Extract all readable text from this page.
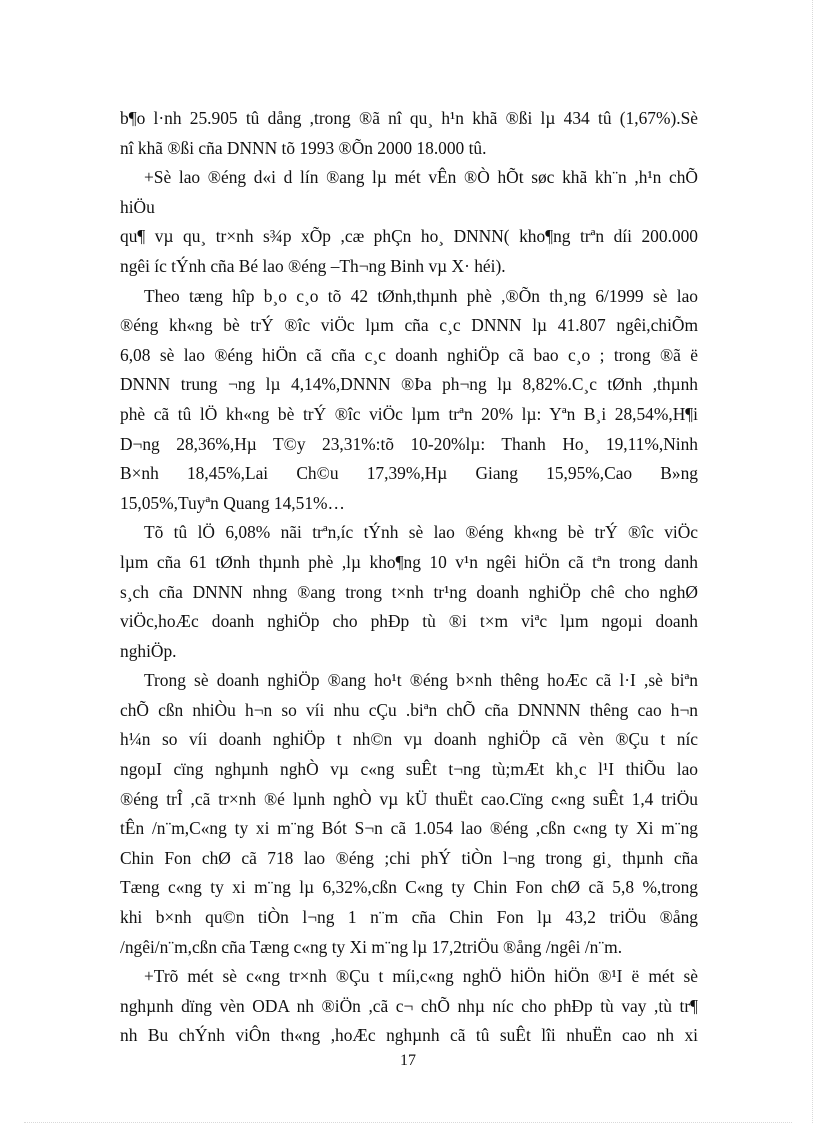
b¶o l·nh 25.905 tû dång ,trong ®ã nî qu¸ h¹n khã ®ßi lµ 434 tû (1,67%).Sè
nî khã ®ßi cña DNNN tõ 1993 ®Õn 2000 18.000 tû.
+Sè lao ®éng d«i d lín ®ang lµ mét vÊn ®Ò hÕt søc khã kh¨n ,h¹n chÕ
hiÖu
qu¶ vµ qu¸ tr×nh s¾p xÕp ,cæ phÇn ho¸ DNNN( kho¶ng trªn díi 200.000
ngêi íc tÝnh cña Bé lao ®éng –Th¬ng Binh vµ X· héi).
Theo tæng hîp b¸o c¸o tõ 42 tØnh,thµnh phè ,®Õn th¸ng 6/1999 sè lao
®éng kh«ng bè trÝ ®îc viÖc lµm cña c¸c DNNN lµ 41.807 ngêi,chiÕm
6,08 sè lao ®éng hiÖn cã cña c¸c doanh nghiÖp cã bao c¸o ; trong ®ã ë
DNNN trung ¬ng lµ 4,14%,DNNN ®Þa ph¬ng lµ 8,82%.C¸c tØnh ,thµnh
phè cã tû lÖ kh«ng bè trÝ ®îc viÖc lµm trªn 20% lµ: Yªn B¸i 28,54%,H¶i
D¬ng 28,36%,Hµ T©y 23,31%:tõ 10-20%lµ: Thanh Ho¸ 19,11%,Ninh
B×nh 18,45%,Lai Ch©u 17,39%,Hµ Giang 15,95%,Cao B»ng
15,05%,Tuyªn Quang 14,51%…
Tõ tû lÖ 6,08% nãi trªn,íc tÝnh sè lao ®éng kh«ng bè trÝ ®îc viÖc
lµm cña 61 tØnh thµnh phè ,lµ kho¶ng 10 v¹n ngêi hiÖn cã tªn trong danh
s¸ch cña DNNN nhng ®ang trong t×nh tr¹ng doanh nghiÖp chê cho nghØ
viÖc,hoÆc doanh nghiÖp cho phÐp tù ®i t×m viªc lµm ngoµi doanh
nghiÖp.
Trong sè doanh nghiÖp ®ang ho¹t ®éng b×nh thêng hoÆc cã l·I ,sè biªn
chÕ cßn nhiÒu h¬n so víi nhu cÇu .biªn chÕ cña DNNNN thêng cao h¬n
h¼n so víi doanh nghiÖp t nh©n vµ doanh nghiÖp cã vèn ®Çu t níc
ngoµI cïng nghµnh nghÒ vµ c«ng suÊt t¬ng tù;mÆt kh¸c l¹I thiÕu lao
®éng trÎ ,cã tr×nh ®é lµnh nghÒ vµ kÜ thuËt cao.Cïng c«ng suÊt 1,4 triÖu
tÊn /n¨m,C«ng ty xi m¨ng Bót S¬n cã 1.054 lao ®éng ,cßn c«ng ty Xi m¨ng
Chin Fon chØ cã 718 lao ®éng ;chi phÝ tiÒn l¬ng trong gi¸ thµnh cña
Tæng c«ng ty xi m¨ng lµ 6,32%,cßn C«ng ty Chin Fon chØ cã 5,8 %,trong
khi b×nh qu©n tiÒn l¬ng 1 n¨m cña Chin Fon lµ 43,2 triÖu ®ång
/ngêi/n¨m,cßn cña Tæng c«ng ty Xi m¨ng lµ 17,2triÖu ®ång /ngêi /n¨m.
+Trõ mét sè c«ng tr×nh ®Çu t míi,c«ng nghÖ hiÖn hiÖn ®¹I ë mét sè
nghµnh dïng vèn ODA nh ®iÖn ,cã c¬ chÕ nhµ níc cho phÐp tù vay ,tù tr¶
nh Bu chÝnh viÔn th«ng ,hoÆc nghµnh cã tû suÊt lîi nhuËn cao nh xi
17
